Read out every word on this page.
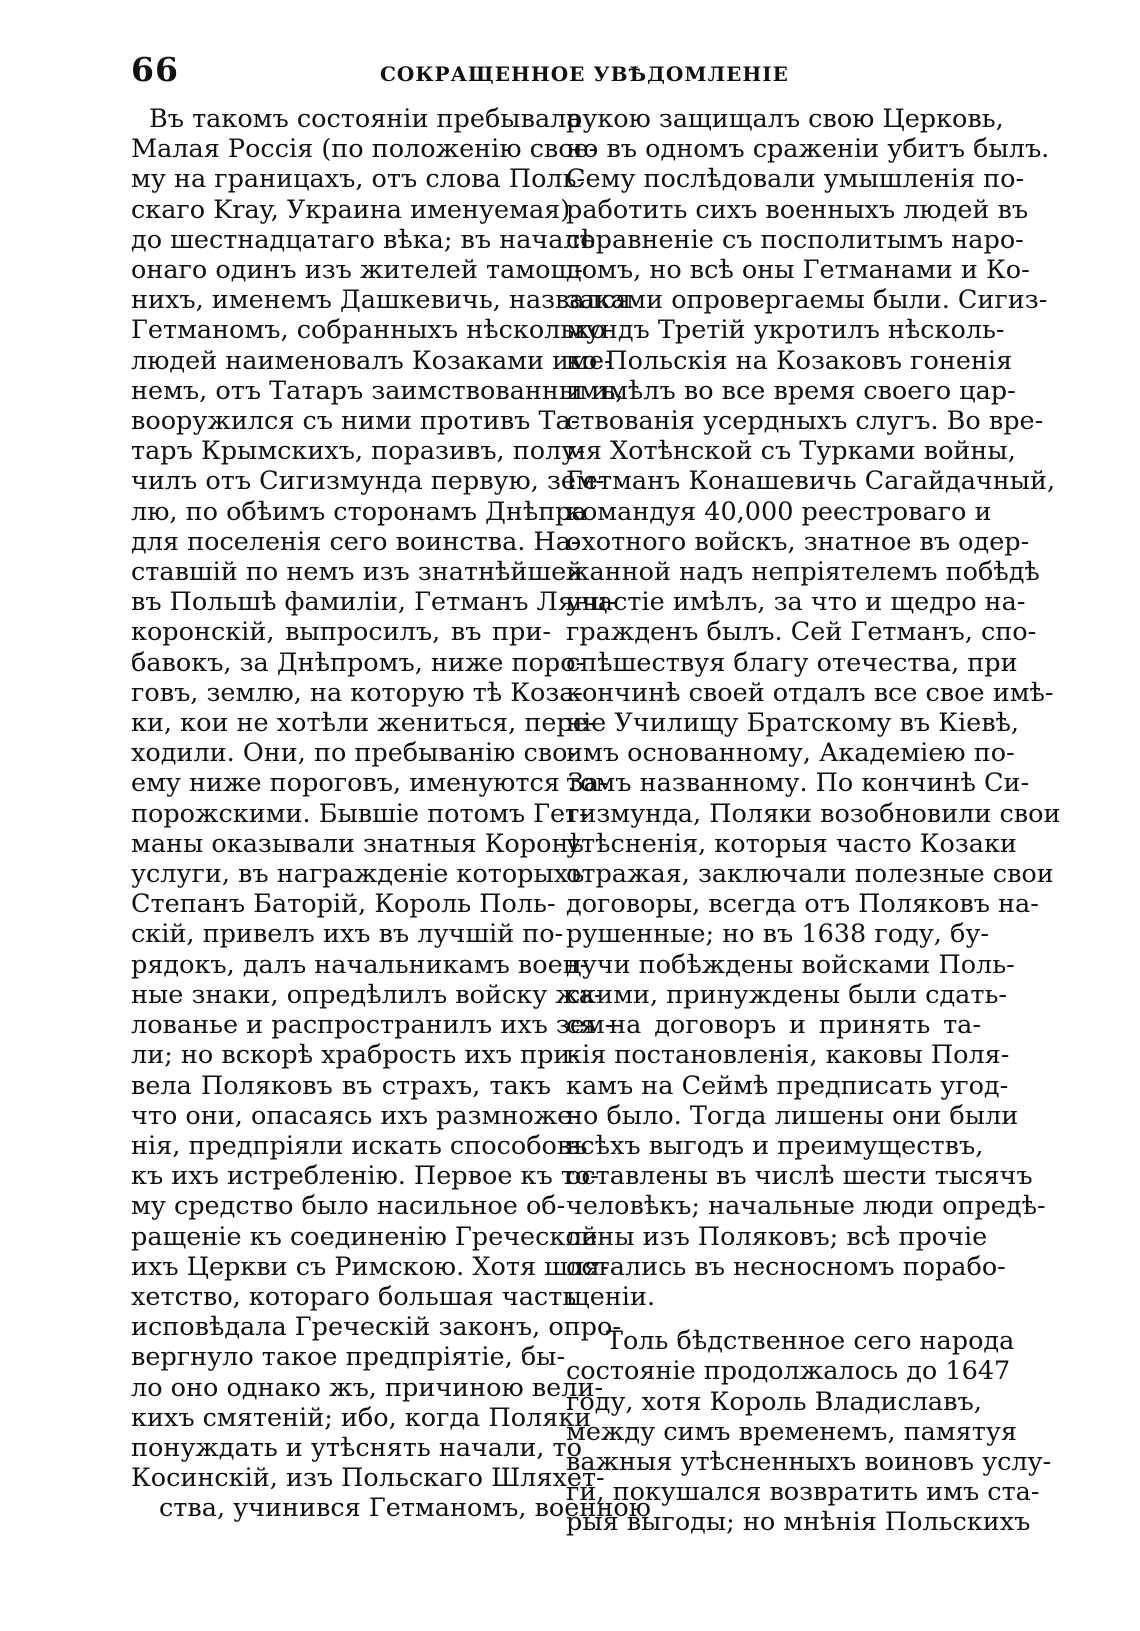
66	СОКРАЩЕННОЕ УВѢДОМЛЕНІЕ
Въ такомъ состояніи пребывала
Малая Россія (по положенію свое-
му на границахъ, отъ слова Поль-
скаго Kray, Украина именуемая)
до шестнадцатаго вѣка; въ началѣ
онаго одинъ изъ жителей тамош-
нихъ, именемъ Дашкевичь, назвался
Гетманомъ, собранныхъ нѣсколько
людей наименовалъ Козаками име-
немъ, отъ Татаръ заимствованнымъ,
вооружился съ ними противъ Та-
таръ Крымскихъ, поразивъ, полу-
чилъ отъ Сигизмунда первую, зем-
лю, по обѣимъ сторонамъ Днѣпра
для поселенія сего воинства. На-
ставшій по немъ изъ знатнѣйшей
въ Польшѣ фамиліи, Гетманъ Лянц-
коронскій, выпросилъ, въ при-
бавокъ, за Днѣпромъ, ниже поро-
говъ, землю, на которую тѣ Коза-
ки, кои не хотѣли жениться, пере-
ходили. Они, по пребыванію сво-
ему ниже пороговъ, именуются За-
порожскими. Бывшіе потомъ Гет-
маны оказывали знатныя Коронѣ
услуги, въ награжденіе которыхъ
Степанъ Баторій, Король Поль-
скій, привелъ ихъ въ лучшій по-
рядокъ, далъ начальникамъ воен-
ные знаки, опредѣлилъ войску жа-
лованье и распространилъ ихъ зем-
ли; но вскорѣ храбрость ихъ при-
вела Поляковъ въ страхъ, такъ
что они, опасаясь ихъ размноже-
нія, предпріяли искать способовъ
къ ихъ истребленію. Первое къ то-
му средство было насильное об-
ращеніе къ соединенію Греческой
ихъ Церкви съ Римскою. Хотя шля-
хетство, котораго большая часть
исповѣдала Греческій законъ, опро-
вергнуло такое предпріятіе, бы-
ло оно однако жъ, причиною вели-
кихъ смятеній; ибо, когда Поляки
понуждать и утѣснять начали, то
Косинскій, изъ Польскаго Шляхет-
ства, учинився Гетманомъ, военною
рукою защищалъ свою Церковь,
но въ одномъ сраженіи убитъ былъ.
Сему послѣдовали умышленія по-
работить сихъ военныхъ людей въ
соравненіе съ посполитымъ наро-
домъ, но всѣ оны Гетманами и Ко-
заками опровергаемы были. Сигиз-
мундъ Третій укротилъ нѣсколь-
ко Польскія на Козаковъ гоненія
и имѣлъ во все время своего цар-
ствованія усердныхъ слугъ. Во вре-
мя Хотѣнской съ Турками войны,
Гетманъ Конашевичь Сагайдачный,
командуя 40,000 реестроваго и
охотного войскъ, знатное въ одер-
жанной надъ непріятелемъ побѣдѣ
участіе имѣлъ, за что и щедро на-
гражденъ былъ. Сей Гетманъ, спо-
спѣшествуя благу отечества, при
кончинѣ своей отдалъ все свое имѣ-
ніе Училищу Братскому въ Кіевѣ,
имъ основанному, Академіею по-
томъ названному. По кончинѣ Си-
гизмунда, Поляки возобновили свои
утѣсненія, которыя часто Козаки
отражая, заключали полезные свои
договоры, всегда отъ Поляковъ на-
рушенные; но въ 1638 году, бу-
дучи побѣждены войсками Поль-
скими, принуждены были сдать-
ся на договоръ и принять та-
кія постановленія, каковы Поля-
камъ на Сеймѣ предписать угод-
но было. Тогда лишены они были
всѣхъ выгодъ и преимуществъ,
оставлены въ числѣ шести тысячъ
человѣкъ; начальные люди опредѣ-
лены изъ Поляковъ; всѣ прочіе
остались въ несносномъ порабо-
щеніи.
Толь бѣдственное сего народа
состояніе продолжалось до 1647
году, хотя Король Владиславъ,
между симъ временемъ, памятуя
важныя утѣсненныхъ воиновъ услу-
ги, покушался возвратить имъ ста-
рыя выгоды; но мнѣнія Польскихъ
